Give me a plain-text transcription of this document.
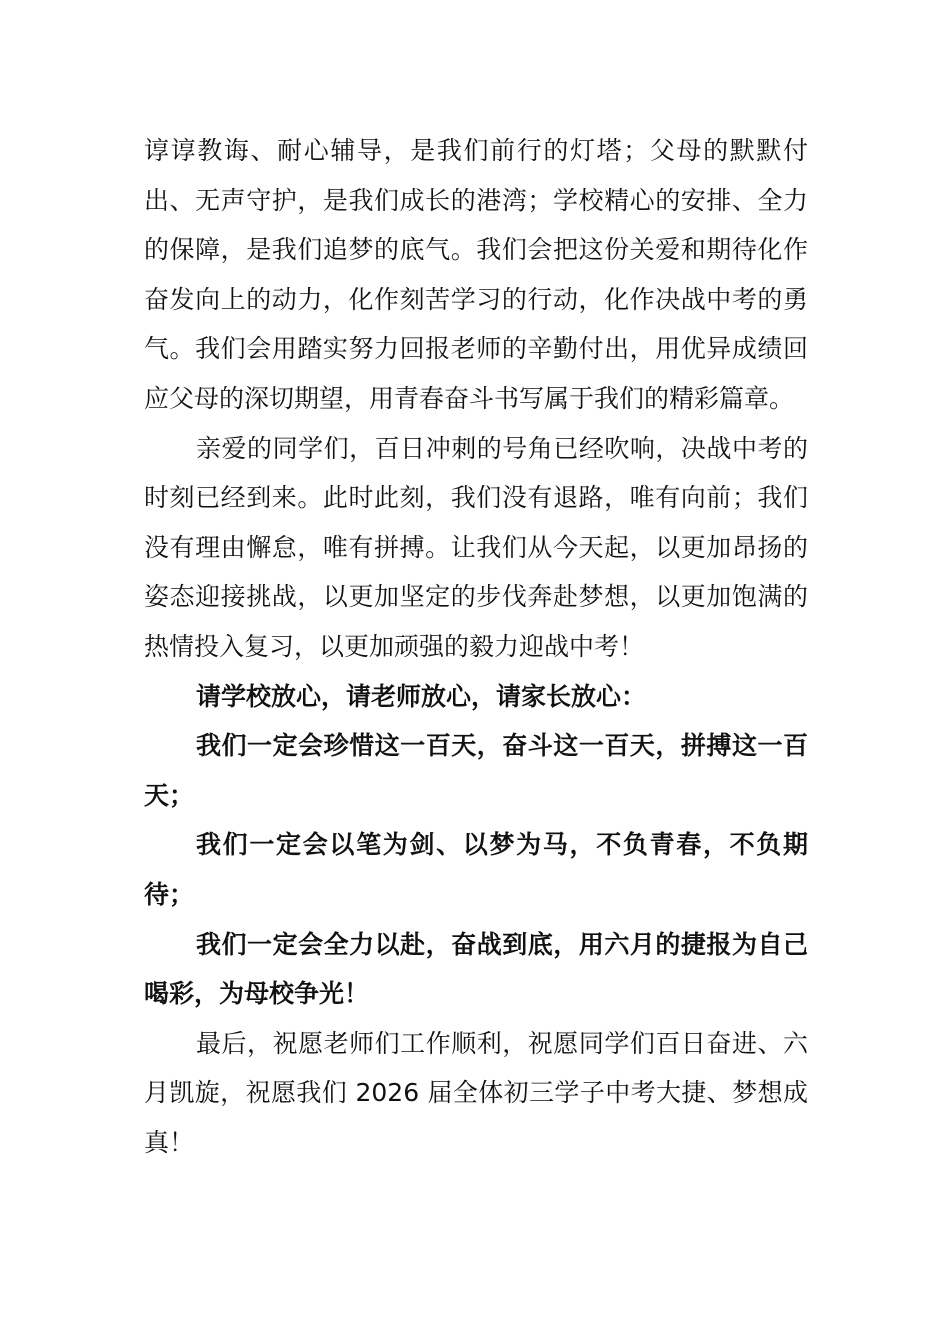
谆谆教诲、耐心辅导，是我们前行的灯塔；父母的默默付出、无声守护，是我们成长的港湾；学校精心的安排、全力的保障，是我们追梦的底气。我们会把这份关爱和期待化作奋发向上的动力，化作刻苦学习的行动，化作决战中考的勇气。我们会用踏实努力回报老师的辛勤付出，用优异成绩回应父母的深切期望，用青春奋斗书写属于我们的精彩篇章。

亲爱的同学们，百日冲刺的号角已经吹响，决战中考的时刻已经到来。此时此刻，我们没有退路，唯有向前；我们没有理由懈怠，唯有拼搏。让我们从今天起，以更加昂扬的姿态迎接挑战，以更加坚定的步伐奔赴梦想，以更加饱满的热情投入复习，以更加顽强的毅力迎战中考！

请学校放心，请老师放心，请家长放心：

我们一定会珍惜这一百天，奋斗这一百天，拼搏这一百天；

我们一定会以笔为剑、以梦为马，不负青春，不负期待；

我们一定会全力以赴，奋战到底，用六月的捷报为自己喝彩，为母校争光！

最后，祝愿老师们工作顺利，祝愿同学们百日奋进、六月凯旋，祝愿我们 2026 届全体初三学子中考大捷、梦想成真！
